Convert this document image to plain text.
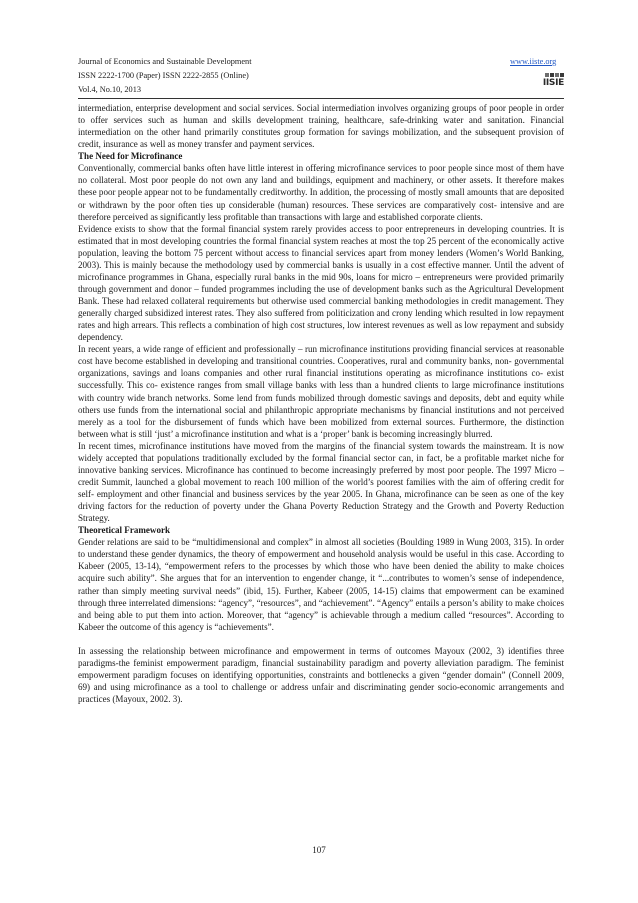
Journal of Economics and Sustainable Development
ISSN 2222-1700 (Paper) ISSN 2222-2855 (Online)
Vol.4, No.10, 2013
www.iiste.org
IISIE

intermediation, enterprise development and social services. Social intermediation involves organizing groups of poor people in order to offer services such as human and skills development training, healthcare, safe-drinking water and sanitation. Financial intermediation on the other hand primarily constitutes group formation for savings mobilization, and the subsequent provision of credit, insurance as well as money transfer and payment services.

The Need for Microfinance

Conventionally, commercial banks often have little interest in offering microfinance services to poor people since most of them have no collateral. Most poor people do not own any land and buildings, equipment and machinery, or other assets. It therefore makes these poor people appear not to be fundamentally creditworthy. In addition, the processing of mostly small amounts that are deposited or withdrawn by the poor often ties up considerable (human) resources. These services are comparatively cost- intensive and are therefore perceived as significantly less profitable than transactions with large and established corporate clients.

Evidence exists to show that the formal financial system rarely provides access to poor entrepreneurs in developing countries. It is estimated that in most developing countries the formal financial system reaches at most the top 25 percent of the economically active population, leaving the bottom 75 percent without access to financial services apart from money lenders (Women’s World Banking, 2003). This is mainly because the methodology used by commercial banks is usually in a cost effective manner. Until the advent of microfinance programmes in Ghana, especially rural banks in the mid 90s, loans for micro – entrepreneurs were provided primarily through government and donor – funded programmes including the use of development banks such as the Agricultural Development Bank. These had relaxed collateral requirements but otherwise used commercial banking methodologies in credit management. They generally charged subsidized interest rates. They also suffered from politicization and crony lending which resulted in low repayment rates and high arrears. This reflects a combination of high cost structures, low interest revenues as well as low repayment and subsidy dependency.

In recent years, a wide range of efficient and professionally – run microfinance institutions providing financial services at reasonable cost have become established in developing and transitional countries. Cooperatives, rural and community banks, non- governmental organizations, savings and loans companies and other rural financial institutions operating as microfinance institutions co- exist successfully. This co- existence ranges from small village banks with less than a hundred clients to large microfinance institutions with country wide branch networks. Some lend from funds mobilized through domestic savings and deposits, debt and equity while others use funds from the international social and philanthropic appropriate mechanisms by financial institutions and not perceived merely as a tool for the disbursement of funds which have been mobilized from external sources. Furthermore, the distinction between what is still ‘just’ a microfinance institution and what is a ‘proper’ bank is becoming increasingly blurred.

In recent times, microfinance institutions have moved from the margins of the financial system towards the mainstream. It is now widely accepted that populations traditionally excluded by the formal financial sector can, in fact, be a profitable market niche for innovative banking services. Microfinance has continued to become increasingly preferred by most poor people. The 1997 Micro – credit Summit, launched a global movement to reach 100 million of the world’s poorest families with the aim of offering credit for self- employment and other financial and business services by the year 2005. In Ghana, microfinance can be seen as one of the key driving factors for the reduction of poverty under the Ghana Poverty Reduction Strategy and the Growth and Poverty Reduction Strategy.

Theoretical Framework

Gender relations are said to be “multidimensional and complex” in almost all societies (Boulding 1989 in Wung 2003, 315). In order to understand these gender dynamics, the theory of empowerment and household analysis would be useful in this case. According to Kabeer (2005, 13-14), “empowerment refers to the processes by which those who have been denied the ability to make choices acquire such ability”. She argues that for an intervention to engender change, it “...contributes to women’s sense of independence, rather than simply meeting survival needs” (ibid, 15). Further, Kabeer (2005, 14-15) claims that empowerment can be examined through three interrelated dimensions: “agency”, “resources”, and “achievement”. “Agency” entails a person’s ability to make choices and being able to put them into action. Moreover, that “agency” is achievable through a medium called “resources”. According to Kabeer the outcome of this agency is “achievements”.

In assessing the relationship between microfinance and empowerment in terms of outcomes Mayoux (2002, 3) identifies three paradigms-the feminist empowerment paradigm, financial sustainability paradigm and poverty alleviation paradigm. The feminist empowerment paradigm focuses on identifying opportunities, constraints and bottlenecks a given “gender domain” (Connell 2009, 69) and using microfinance as a tool to challenge or address unfair and discriminating gender socio-economic arrangements and practices (Mayoux, 2002. 3).

107
